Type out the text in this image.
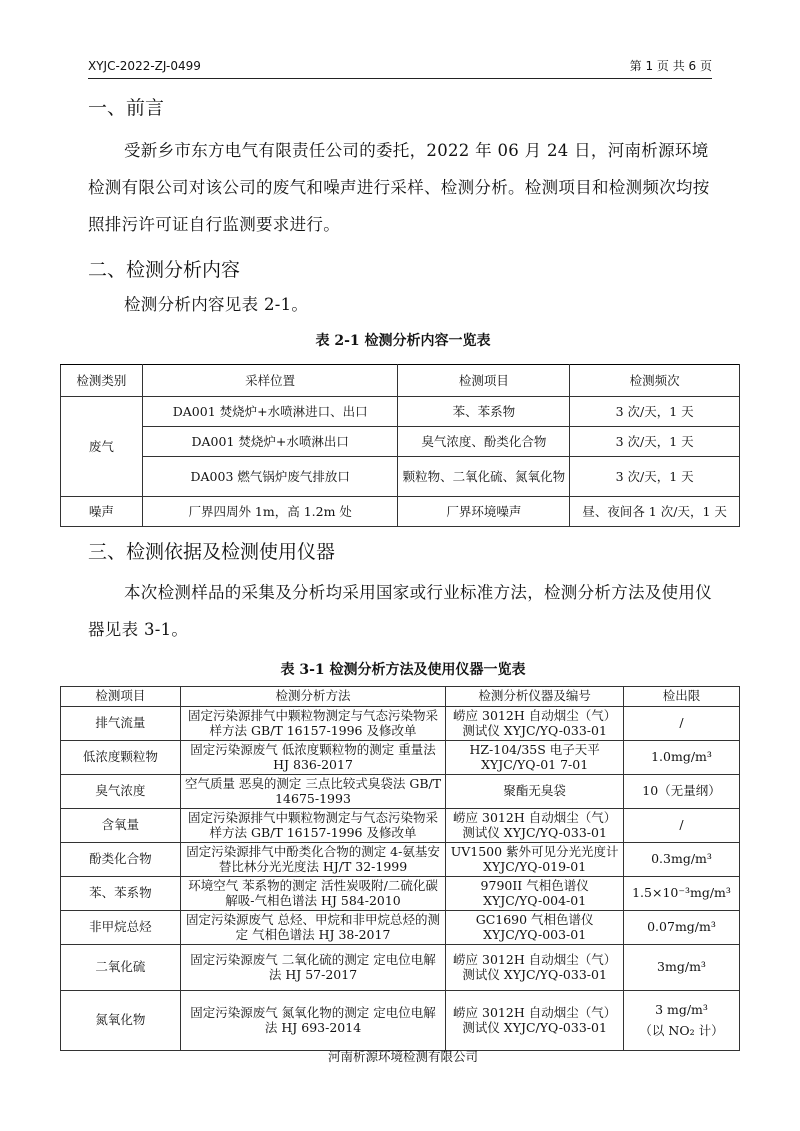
XYJC-2022-ZJ-0499	第 1 页 共 6 页
一、前言
受新乡市东方电气有限责任公司的委托，2022 年 06 月 24 日，河南析源环境检测有限公司对该公司的废气和噪声进行采样、检测分析。检测项目和检测频次均按照排污许可证自行监测要求进行。
二、检测分析内容
检测分析内容见表 2-1。
表 2-1 检测分析内容一览表
检测类别	采样位置	检测项目	检测频次
废气	DA001 焚烧炉+水喷淋进口、出口	苯、苯系物	3 次/天，1 天
	DA001 焚烧炉+水喷淋出口	臭气浓度、酚类化合物	3 次/天，1 天
	DA003 燃气锅炉废气排放口	颗粒物、二氧化硫、氮氧化物	3 次/天，1 天
噪声	厂界四周外 1m，高 1.2m 处	厂界环境噪声	昼、夜间各 1 次/天，1 天
三、检测依据及检测使用仪器
本次检测样品的采集及分析均采用国家或行业标准方法，检测分析方法及使用仪器见表 3-1。
表 3-1 检测分析方法及使用仪器一览表
检测项目	检测分析方法	检测分析仪器及编号	检出限
排气流量	固定污染源排气中颗粒物测定与气态污染物采样方法 GB/T 16157-1996 及修改单	崂应 3012H 自动烟尘（气）测试仪 XYJC/YQ-033-01	/
低浓度颗粒物	固定污染源废气 低浓度颗粒物的测定 重量法 HJ 836-2017	HZ-104/35S 电子天平 XYJC/YQ-01 7-01	1.0mg/m³
臭气浓度	空气质量 恶臭的测定 三点比较式臭袋法 GB/T 14675-1993	聚酯无臭袋	10（无量纲）
含氧量	固定污染源排气中颗粒物测定与气态污染物采样方法 GB/T 16157-1996 及修改单	崂应 3012H 自动烟尘（气）测试仪 XYJC/YQ-033-01	/
酚类化合物	固定污染源排气中酚类化合物的测定 4-氨基安替比林分光光度法 HJ/T 32-1999	UV1500 紫外可见分光光度计 XYJC/YQ-019-01	0.3mg/m³
苯、苯系物	环境空气 苯系物的测定 活性炭吸附/二硫化碳解吸-气相色谱法 HJ 584-2010	9790II 气相色谱仪 XYJC/YQ-004-01	1.5×10⁻³mg/m³
非甲烷总烃	固定污染源废气 总烃、甲烷和非甲烷总烃的测定 气相色谱法 HJ 38-2017	GC1690 气相色谱仪 XYJC/YQ-003-01	0.07mg/m³
二氧化硫	固定污染源废气 二氧化硫的测定 定电位电解法 HJ 57-2017	崂应 3012H 自动烟尘（气）测试仪 XYJC/YQ-033-01	3mg/m³
氮氧化物	固定污染源废气 氮氧化物的测定 定电位电解法 HJ 693-2014	崂应 3012H 自动烟尘（气）测试仪 XYJC/YQ-033-01	3 mg/m³
（以 NO₂ 计）
河南析源环境检测有限公司
